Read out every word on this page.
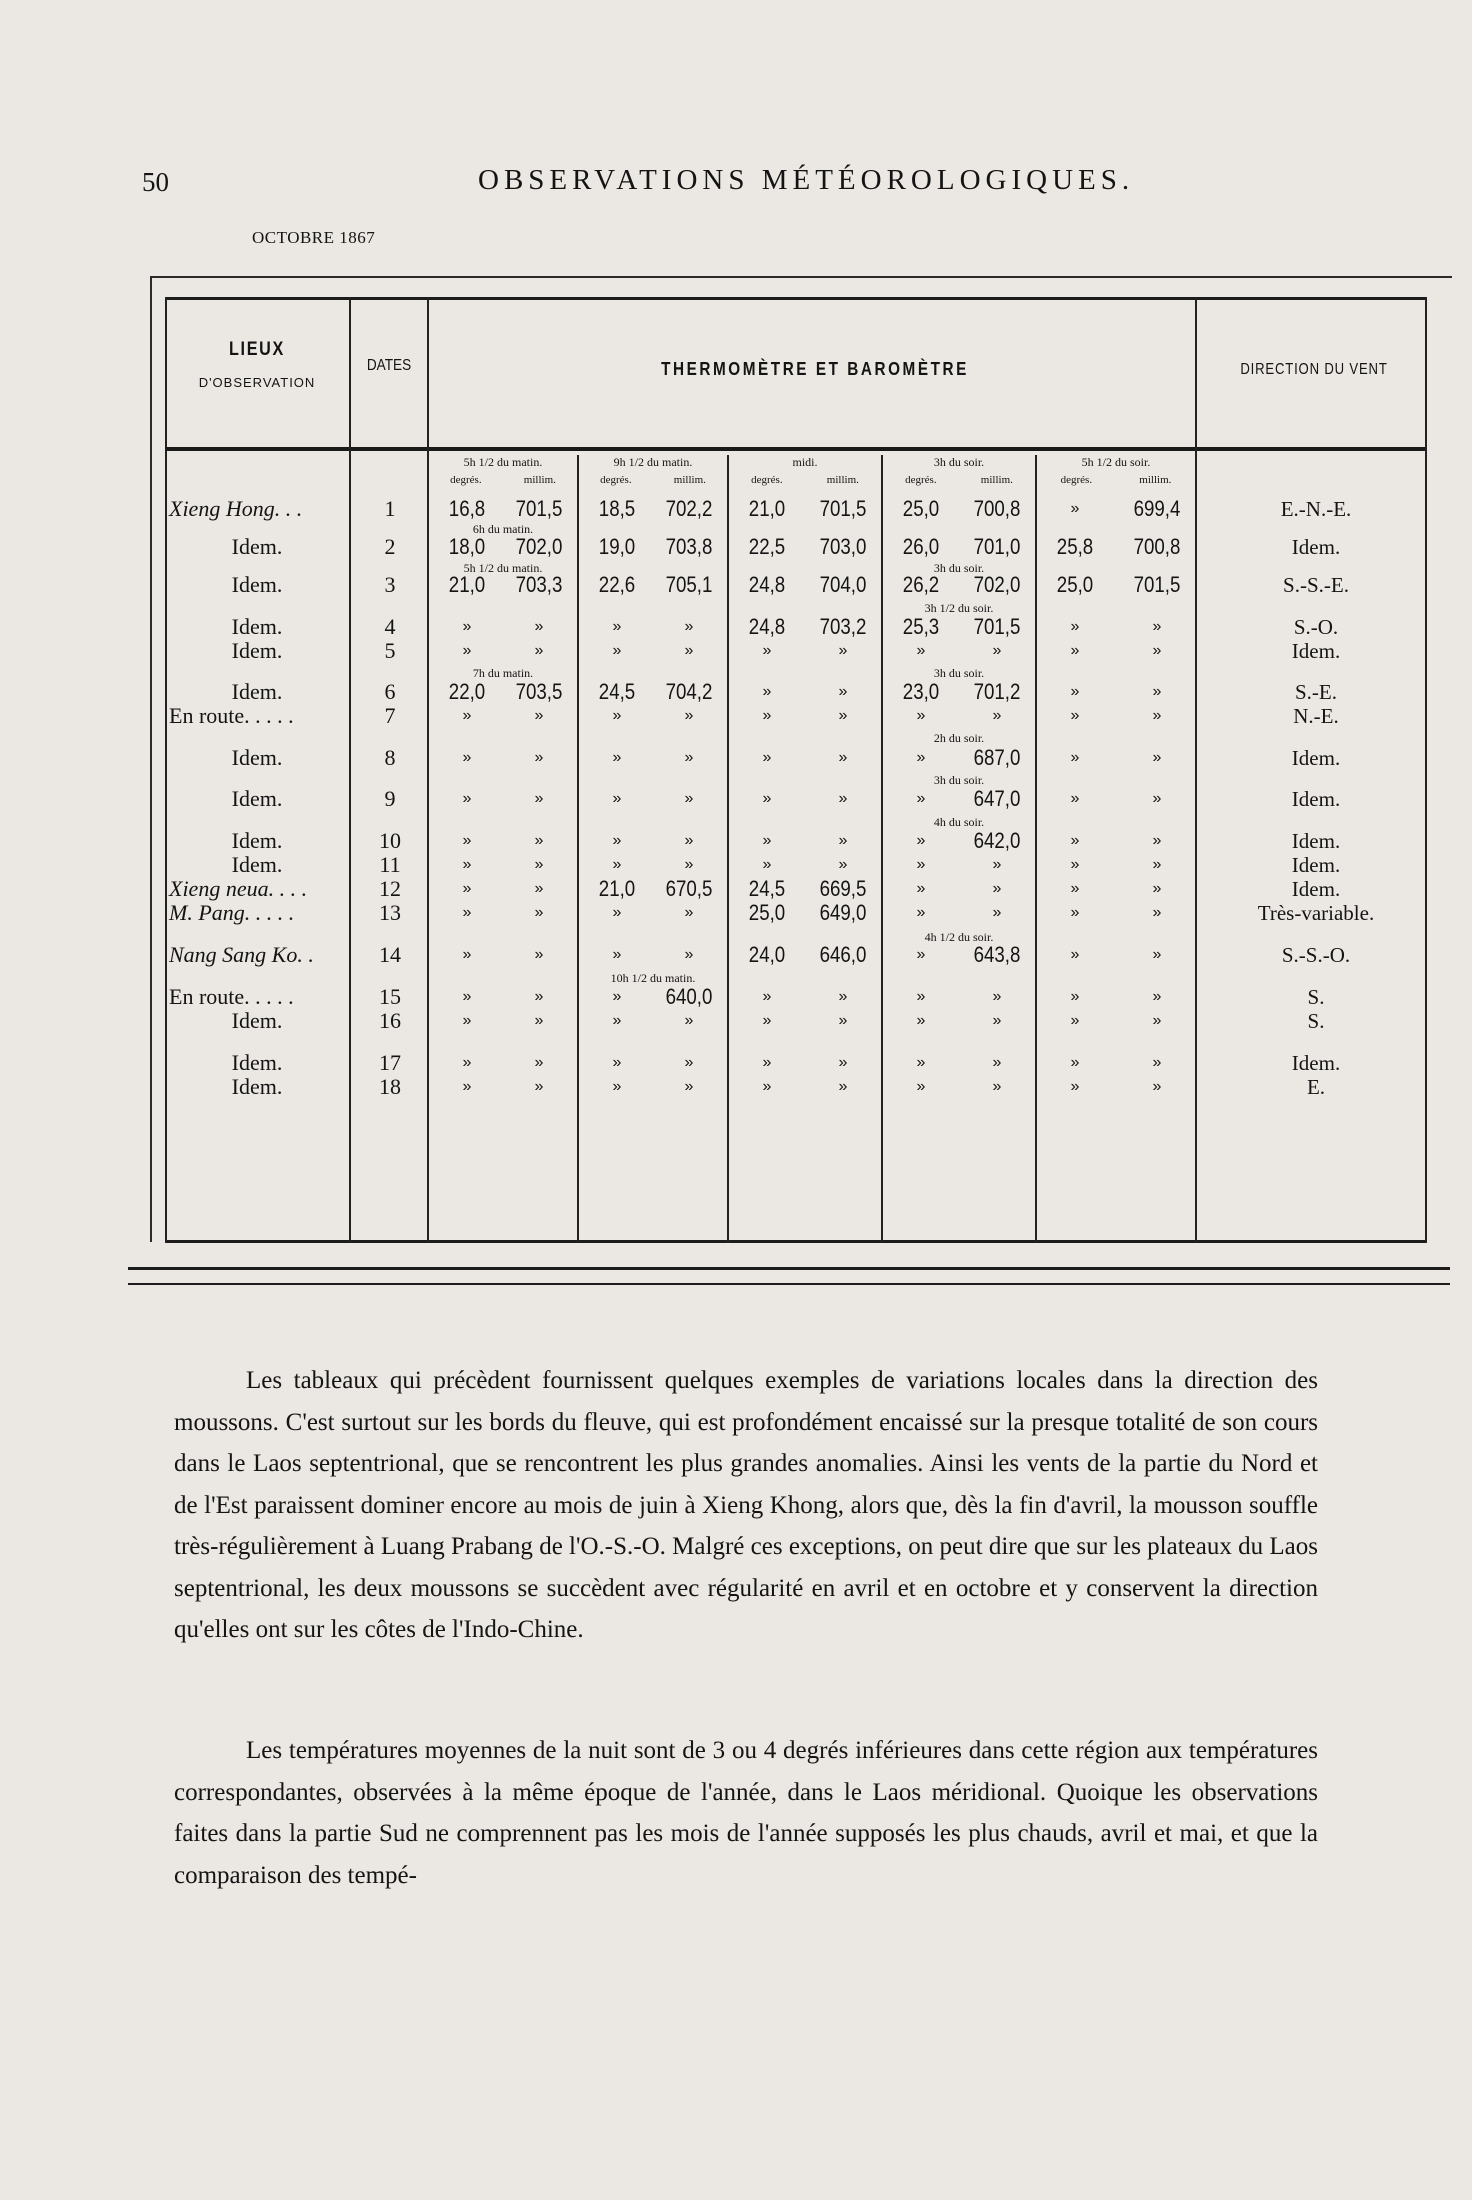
50	OBSERVATIONS MÉTÉOROLOGIQUES.
OCTOBRE 1867
LIEUX
D'OBSERVATION
DATES	THERMOMÈTRE ET BAROMÈTRE	DIRECTION DU VENT
5h 1/2 du matin.
degrés.	millim.
9h 1/2 du matin.
degrés.	millim.
midi.
degrés.	millim.
3h du soir.
degrés.	millim.
5h 1/2 du soir.
degrés.	millim.
Xieng Hong. . .	1	16,8	701,5	18,5	702,2	21,0	701,5	25,0	700,8	»	699,4	E.-N.-E.
Idem.	2	18,0	702,0	19,0	703,8	22,5	703,0	26,0	701,0	25,8	700,8	Idem.
Idem.	3	21,0	703,3	22,6	705,1	24,8	704,0	26,2	702,0	25,0	701,5	S.-S.-E.
Idem.	4	»	»	»	»	24,8	703,2	25,3	701,5	»	»	S.-O.
Idem.	5	»	»	»	»	»	»	»	»	»	»	Idem.
Idem.	6	22,0	703,5	24,5	704,2	»	»	23,0	701,2	»	»	S.-E.
En route. . . . .	7	»	»	»	»	»	»	»	»	»	»	N.-E.
Idem.	8	»	»	»	»	»	»	»	687,0	»	»	Idem.
Idem.	9	»	»	»	»	»	»	»	647,0	»	»	Idem.
Idem.	10	»	»	»	»	»	»	»	642,0	»	»	Idem.
Idem.	11	»	»	»	»	»	»	»	»	»	»	Idem.
Xieng neua. . . .	12	»	»	21,0	670,5	24,5	669,5	»	»	»	»	Idem.
M. Pang. . . . .	13	»	»	»	»	25,0	649,0	»	»	»	»	Très-variable.
Nang Sang Ko. .	14	»	»	»	»	24,0	646,0	»	643,8	»	»	S.-S.-O.
En route. . . . .	15	»	»	»	640,0	»	»	»	»	»	»	S.
Idem.	16	»	»	»	»	»	»	»	»	»	»	S.
Idem.	17	»	»	»	»	»	»	»	»	»	»	Idem.
Idem.	18	»	»	»	»	»	»	»	»	»	»	E.
6h du matin.
5h 1/2 du matin.	3h du soir.
3h 1/2 du soir.
7h du matin.	3h du soir.
2h du soir.
3h du soir.
4h du soir.
4h 1/2 du soir.
10h 1/2 du matin.

Les tableaux qui précèdent fournissent quelques exemples de variations locales dans la direction des moussons. C'est surtout sur les bords du fleuve, qui est profondément encaissé sur la presque totalité de son cours dans le Laos septentrional, que se rencontrent les plus grandes anomalies. Ainsi les vents de la partie du Nord et de l'Est paraissent dominer encore au mois de juin à Xieng Khong, alors que, dès la fin d'avril, la mousson souffle très-régulièrement à Luang Prabang de l'O.-S.-O. Malgré ces exceptions, on peut dire que sur les plateaux du Laos septentrional, les deux moussons se succèdent avec régularité en avril et en octobre et y conservent la direction qu'elles ont sur les côtes de l'Indo-Chine.

Les températures moyennes de la nuit sont de 3 ou 4 degrés inférieures dans cette région aux températures correspondantes, observées à la même époque de l'année, dans le Laos méridional. Quoique les observations faites dans la partie Sud ne comprennent pas les mois de l'année supposés les plus chauds, avril et mai, et que la comparaison des tempé-
